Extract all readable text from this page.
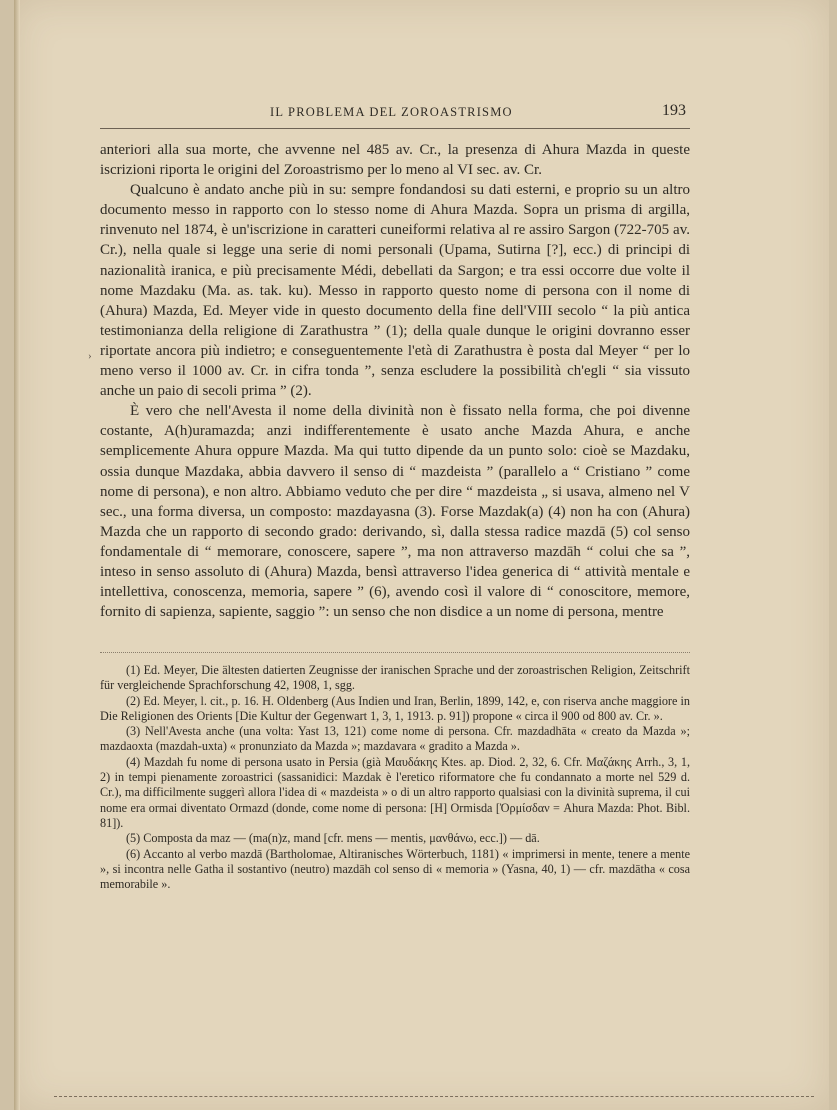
IL PROBLEMA DEL ZOROASTRISMO	193

anteriori alla sua morte, che avvenne nel 485 av. Cr., la presenza di Ahura Mazda in queste iscrizioni riporta le origini del Zoroastrismo per lo meno al VI sec. av. Cr.

Qualcuno è andato anche più in su: sempre fondandosi su dati esterni, e proprio su un altro documento messo in rapporto con lo stesso nome di Ahura Mazda. Sopra un prisma di argilla, rinvenuto nel 1874, è un'iscrizione in caratteri cuneiformi relativa al re assiro Sargon (722-705 av. Cr.), nella quale si legge una serie di nomi personali (Upama, Sutirna [?], ecc.) di principi di nazionalità iranica, e più precisamente Médi, debellati da Sargon; e tra essi occorre due volte il nome Mazdaku (Ma. as. tak. ku). Messo in rapporto questo nome di persona con il nome di (Ahura) Mazda, Ed. Meyer vide in questo documento della fine dell'VIII secolo “ la più antica testimonianza della religione di Zarathustra ” (1); della quale dunque le origini dovranno esser riportate ancora più indietro; e conseguentemente l'età di Zarathustra è posta dal Meyer “ per lo meno verso il 1000 av. Cr. in cifra tonda ”, senza escludere la possibilità ch'egli “ sia vissuto anche un paio di secoli prima ” (2).

È vero che nell'Avesta il nome della divinità non è fissato nella forma, che poi divenne costante, A(h)uramazda; anzi indifferentemente è usato anche Mazda Ahura, e anche semplicemente Ahura oppure Mazda. Ma qui tutto dipende da un punto solo: cioè se Mazdaku, ossia dunque Mazdaka, abbia davvero il senso di “ mazdeista ” (parallelo a “ Cristiano ” come nome di persona), e non altro. Abbiamo veduto che per dire “ mazdeista „ si usava, almeno nel V sec., una forma diversa, un composto: mazdayasna (3). Forse Mazdak(a) (4) non ha con (Ahura) Mazda che un rapporto di secondo grado: derivando, sì, dalla stessa radice mazdā (5) col senso fondamentale di “ memorare, conoscere, sapere ”, ma non attraverso mazdāh “ colui che sa ”, inteso in senso assoluto di (Ahura) Mazda, bensì attraverso l'idea generica di “ attività mentale e intellettiva, conoscenza, memoria, sapere ” (6), avendo così il valore di “ conoscitore, memore, fornito di sapienza, sapiente, saggio ”: un senso che non disdice a un nome di persona, mentre

›

(1) Ed. Meyer, Die ältesten datierten Zeugnisse der iranischen Sprache und der zoroastrischen Religion, Zeitschrift für vergleichende Sprachforschung 42, 1908, 1, sgg.

(2) Ed. Meyer, l. cit., p. 16. H. Oldenberg (Aus Indien und Iran, Berlin, 1899, 142, e, con riserva anche maggiore in Die Religionen des Orients [Die Kultur der Gegenwart 1, 3, 1, 1913. p. 91]) propone « circa il 900 od 800 av. Cr. ».

(3) Nell'Avesta anche (una volta: Yast 13, 121) come nome di persona. Cfr. mazdadhāta « creato da Mazda »; mazdaoxta (mazdah-uxta) « pronunziato da Mazda »; mazdavara « gradito a Mazda ».

(4) Mazdah fu nome di persona usato in Persia (già Μαυδάκης Ktes. ap. Diod. 2, 32, 6. Cfr. Μαζάκης Arrh., 3, 1, 2) in tempi pienamente zoroastrici (sassanidici: Mazdak è l'eretico riformatore che fu condannato a morte nel 529 d. Cr.), ma difficilmente suggerì allora l'idea di « mazdeista » o di un altro rapporto qualsiasi con la divinità suprema, il cui nome era ormai diventato Ormazd (donde, come nome di persona: [H] Ormisda [Ὀρμίσδαν = Ahura Mazda: Phot. Bibl. 81]).

(5) Composta da maz — (ma(n)z, mand [cfr. mens — mentis, μανθάνω, ecc.]) — dā.

(6) Accanto al verbo mazdā (Bartholomae, Altiranisches Wörterbuch, 1181) « imprimersi in mente, tenere a mente », si incontra nelle Gatha il sostantivo (neutro) mazdāh col senso di « memoria » (Yasna, 40, 1) — cfr. mazdātha « cosa memorabile ».
